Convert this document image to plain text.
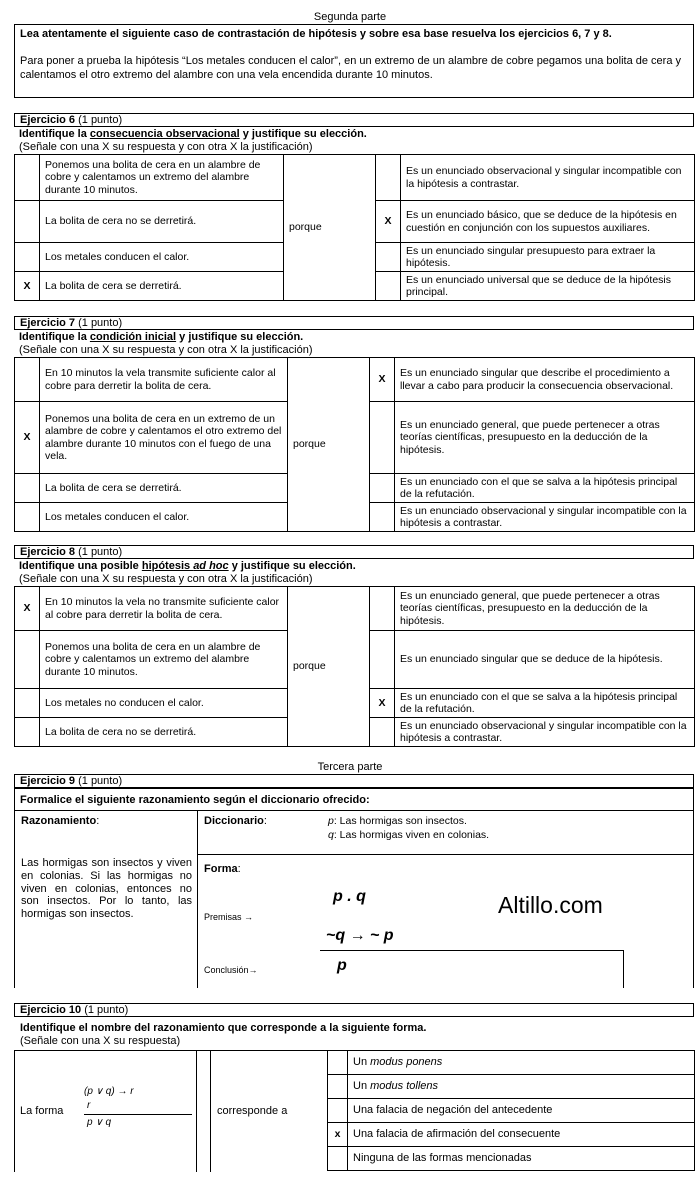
Segunda parte
Lea atentamente el siguiente caso de contrastación de hipótesis y sobre esa base resuelva los ejercicios 6, 7 y 8.
Para poner a prueba la hipótesis “Los metales conducen el calor”, en un extremo de un alambre de cobre pegamos una bolita de cera y calentamos el otro extremo del alambre con una vela encendida durante 10 minutos.
Ejercicio 6 (1 punto)
Identifique la consecuencia observacional y justifique su elección.
(Señale con una X su respuesta y con otra X la justificación)
	Ponemos una bolita de cera en un alambre de cobre y calentamos un extremo del alambre durante 10 minutos.	porque		Es un enunciado observacional y singular incompatible con la hipótesis a contrastar.
	La bolita de cera no se derretirá.		X	Es un enunciado básico, que se deduce de la hipótesis en cuestión en conjunción con los supuestos auxiliares.
	Los metales conducen el calor.			Es un enunciado singular presupuesto para extraer la hipótesis.
X	La bolita de cera se derretirá.			Es un enunciado universal que se deduce de la hipótesis principal.
Ejercicio 7 (1 punto)
Identifique la condición inicial y justifique su elección.
(Señale con una X su respuesta y con otra X la justificación)
	En 10 minutos la vela transmite suficiente calor al cobre para derretir la bolita de cera.	porque	X	Es un enunciado singular que describe el procedimiento a llevar a cabo para producir la consecuencia observacional.
X	Ponemos una bolita de cera en un extremo de un alambre de cobre y calentamos el otro extremo del alambre durante 10 minutos con el fuego de una vela.			Es un enunciado general, que puede pertenecer a otras teorías científicas, presupuesto en la deducción de la hipótesis.
	La bolita de cera se derretirá.			Es un enunciado con el que se salva a la hipótesis principal de la refutación.
	Los metales conducen el calor.			Es un enunciado observacional y singular incompatible con la hipótesis a contrastar.
Ejercicio 8 (1 punto)
Identifique una posible hipótesis ad hoc y justifique su elección.
(Señale con una X su respuesta y con otra X la justificación)
X	En 10 minutos la vela no transmite suficiente calor al cobre para derretir la bolita de cera.	porque		Es un enunciado general, que puede pertenecer a otras teorías científicas, presupuesto en la deducción de la hipótesis.
	Ponemos una bolita de cera en un alambre de cobre y calentamos un extremo del alambre durante 10 minutos.			Es un enunciado singular que se deduce de la hipótesis.
	Los metales no conducen el calor.		X	Es un enunciado con el que se salva a la hipótesis principal de la refutación.
	La bolita de cera no se derretirá.			Es un enunciado observacional y singular incompatible con la hipótesis a contrastar.
Tercera parte
Ejercicio 9 (1 punto)
Formalice el siguiente razonamiento según el diccionario ofrecido:
Razonamiento:
Las hormigas son insectos y viven en colonias. Si las hormigas no viven en colonias, entonces no son insectos. Por lo tanto, las hormigas son insectos.
Diccionario:	p: Las hormigas son insectos.
q: Las hormigas viven en colonias.
Forma:
Premisas →
p . q
~q → ~ p
Conclusión→	p
Altillo.com
Ejercicio 10 (1 punto)
Identifique el nombre del razonamiento que corresponde a la siguiente forma.
(Señale con una X su respuesta)
La forma
(p ∨ q) → r
r
p ∨ q
corresponde a
	Un modus ponens
	Un modus tollens
	Una falacia de negación del antecedente
x	Una falacia de afirmación del consecuente
	Ninguna de las formas mencionadas
